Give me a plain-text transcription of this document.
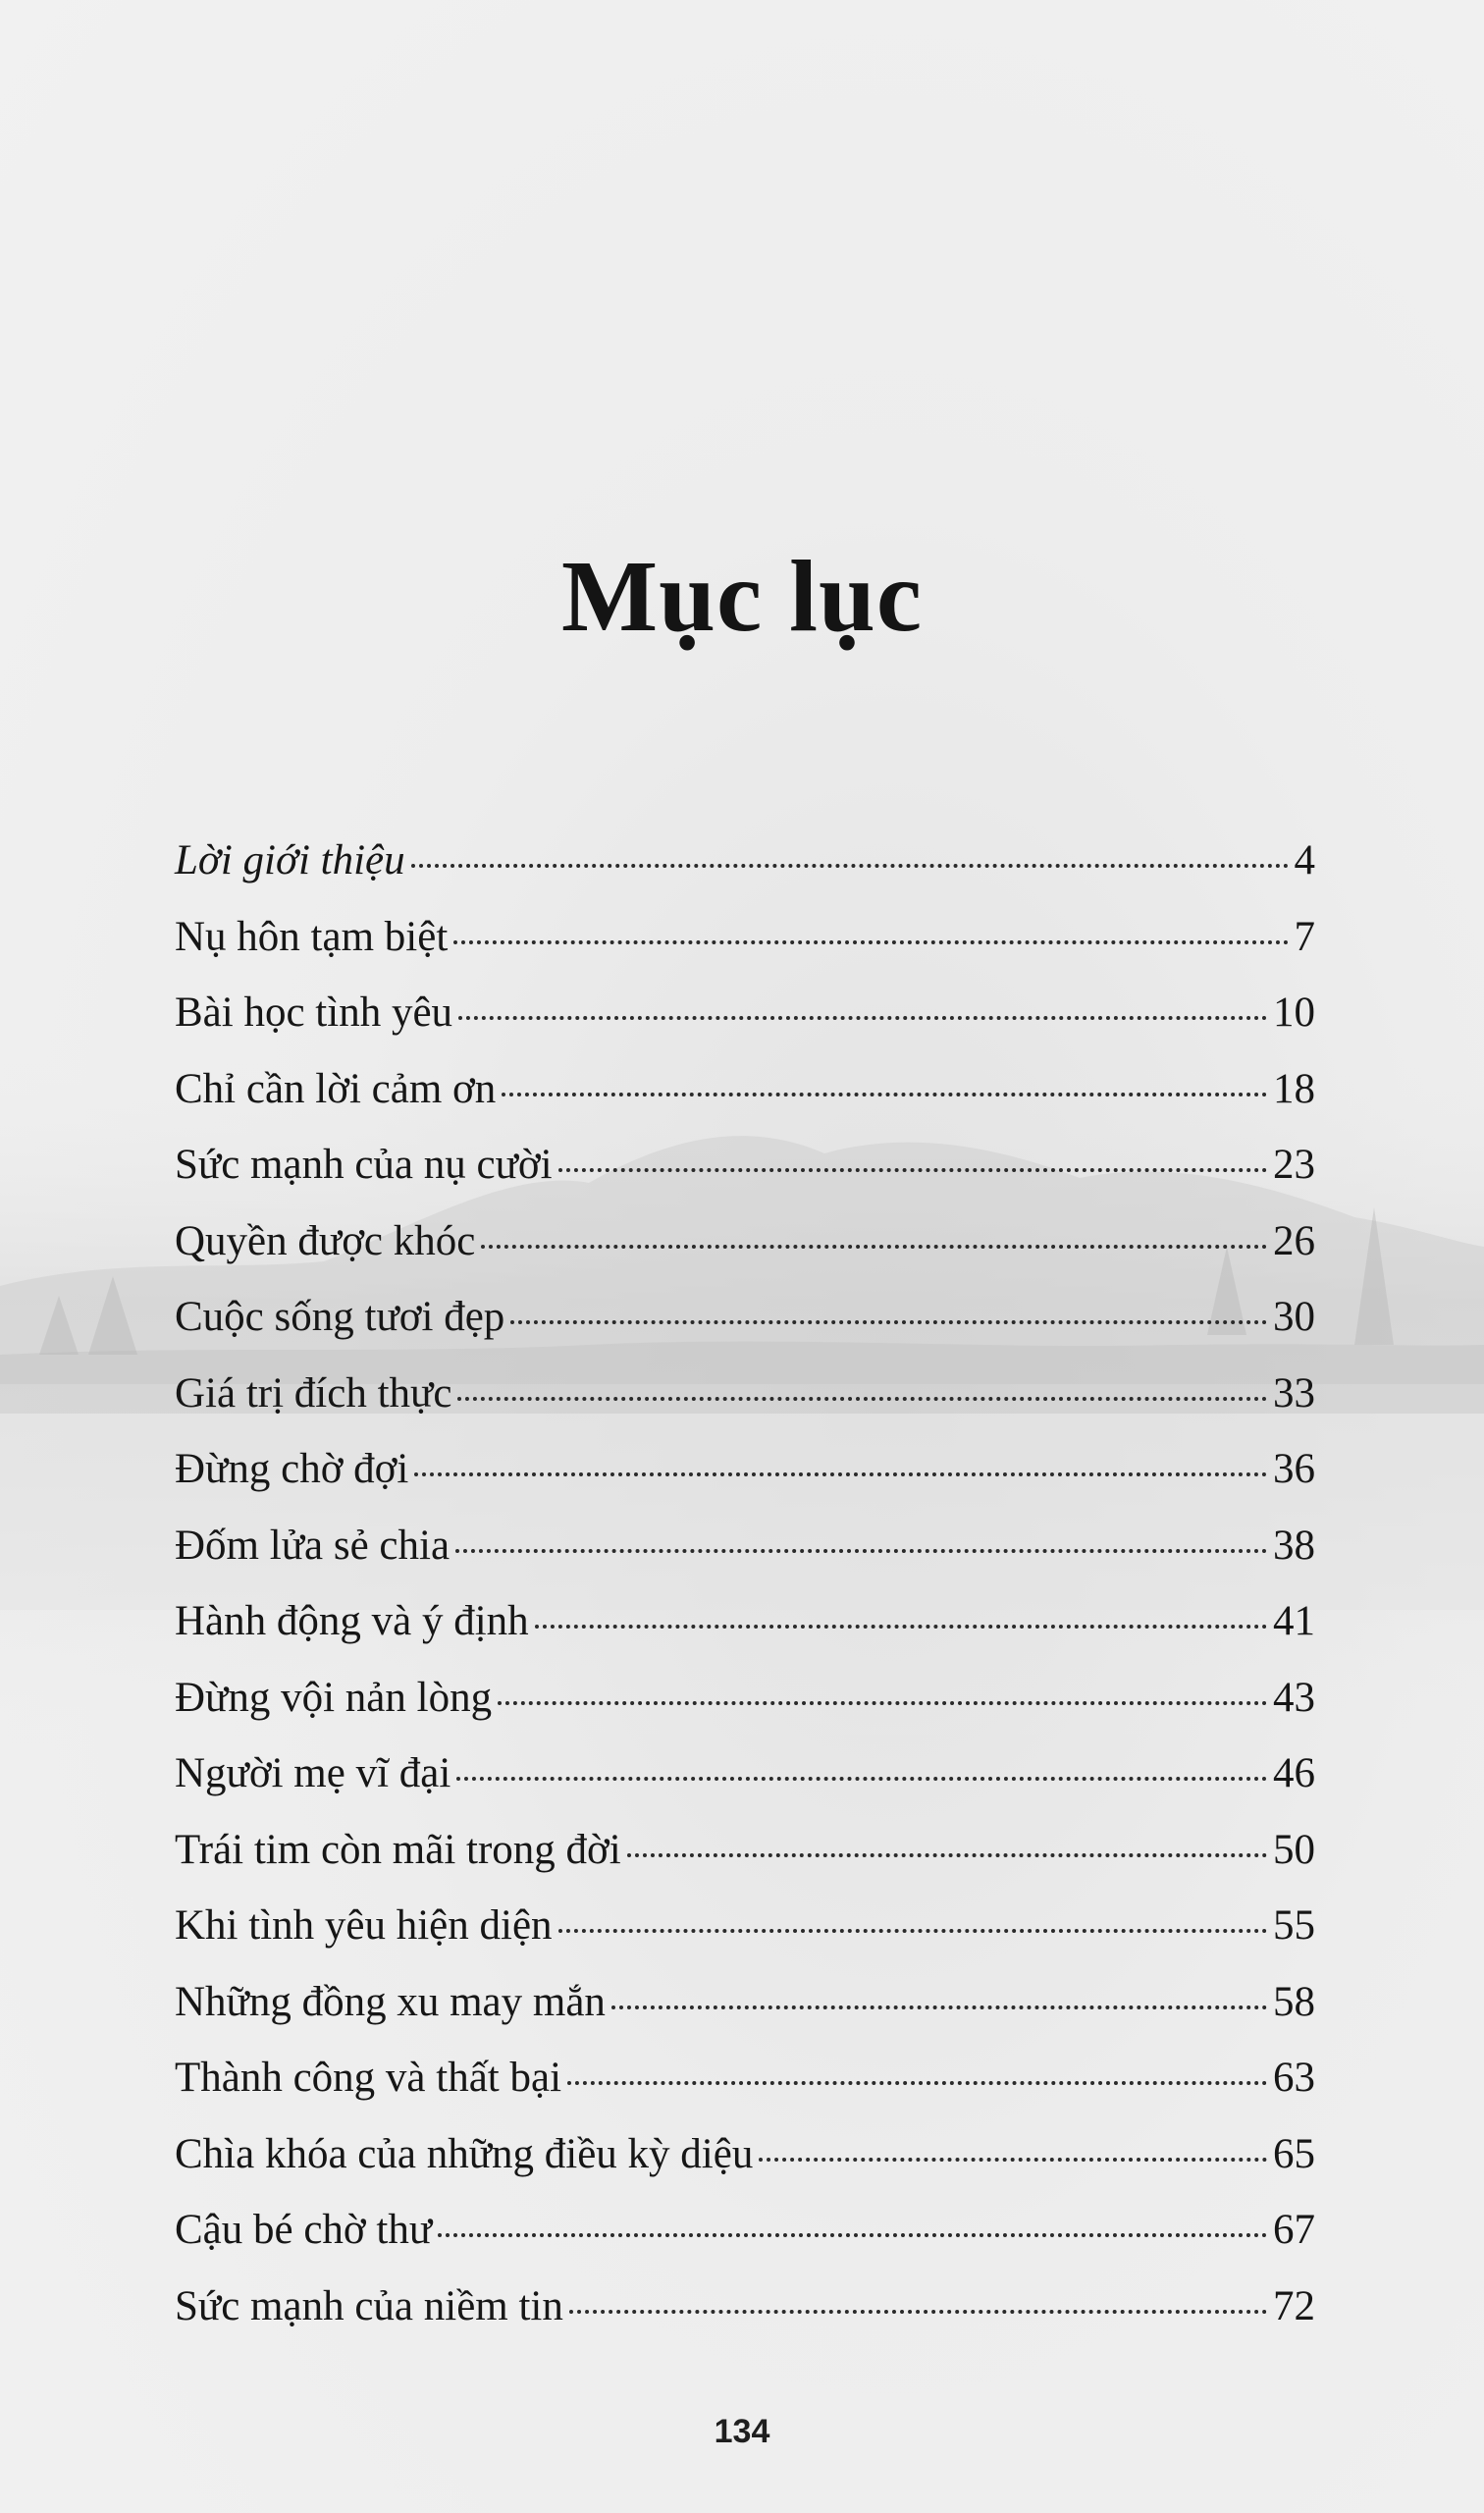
Mục lục
Lời giới thiệu	4
Nụ hôn tạm biệt	7
Bài học tình yêu	10
Chỉ cần lời cảm ơn	18
Sức mạnh của nụ cười	23
Quyền được khóc	26
Cuộc sống tươi đẹp	30
Giá trị đích thực	33
Đừng chờ đợi	36
Đốm lửa sẻ chia	38
Hành động và ý định	41
Đừng vội nản lòng	43
Người mẹ vĩ đại	46
Trái tim còn mãi trong đời	50
Khi tình yêu hiện diện	55
Những đồng xu may mắn	58
Thành công và thất bại	63
Chìa khóa của những điều kỳ diệu	65
Cậu bé chờ thư	67
Sức mạnh của niềm tin	72
134
